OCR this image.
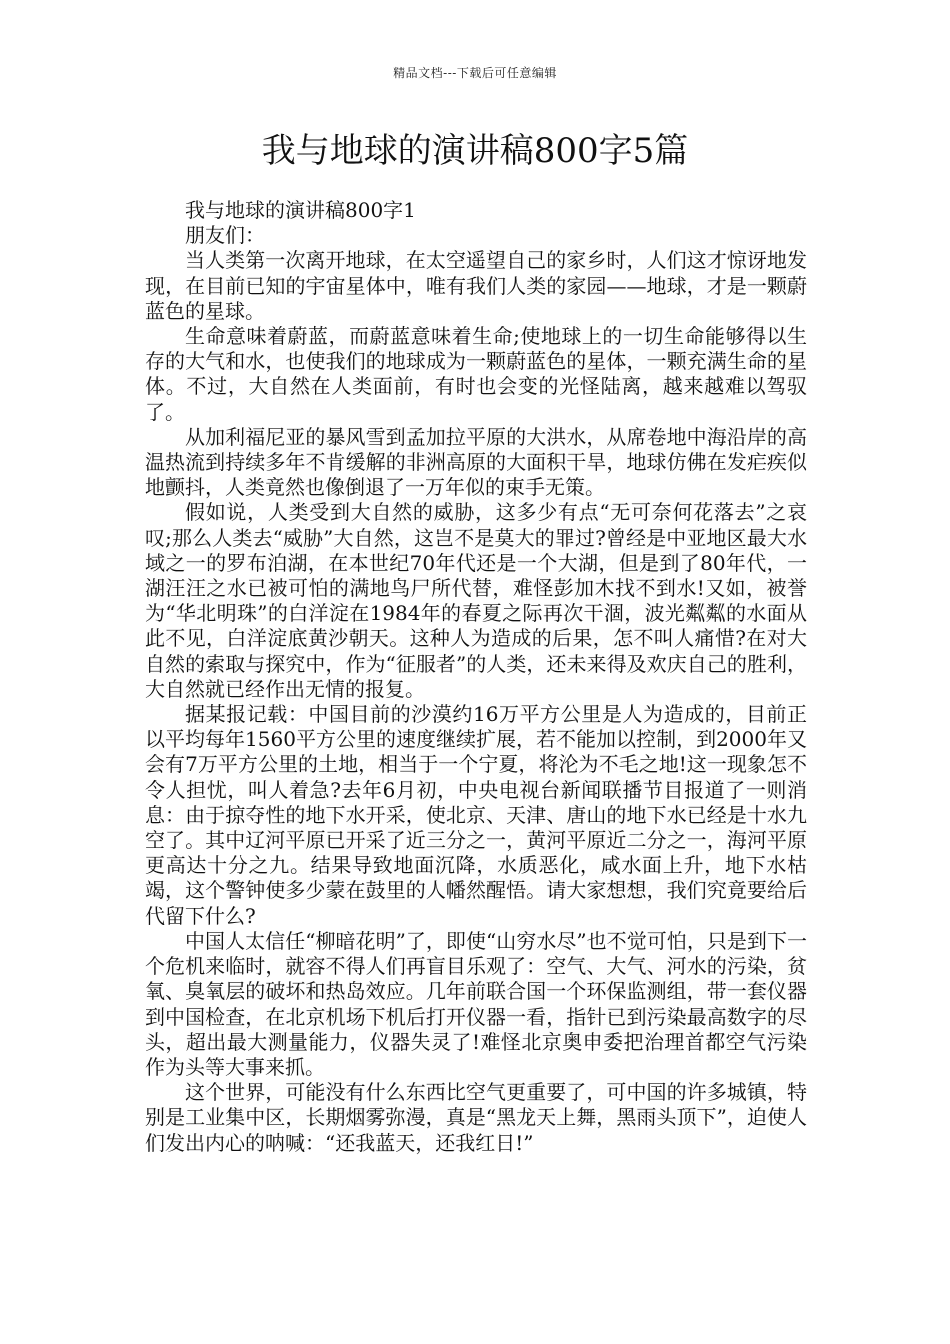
精品文档---下载后可任意编辑
我与地球的演讲稿800字5篇

我与地球的演讲稿800字1

朋友们：

当人类第一次离开地球，在太空遥望自己的家乡时，人们这才惊讶地发现，在目前已知的宇宙星体中，唯有我们人类的家园——地球，才是一颗蔚蓝色的星球。

生命意味着蔚蓝，而蔚蓝意味着生命;使地球上的一切生命能够得以生存的大气和水，也使我们的地球成为一颗蔚蓝色的星体，一颗充满生命的星体。不过，大自然在人类面前，有时也会变的光怪陆离，越来越难以驾驭了。

从加利福尼亚的暴风雪到孟加拉平原的大洪水，从席卷地中海沿岸的高温热流到持续多年不肯缓解的非洲高原的大面积干旱，地球仿佛在发疟疾似地颤抖，人类竟然也像倒退了一万年似的束手无策。

假如说，人类受到大自然的威胁，这多少有点“无可奈何花落去”之哀叹;那么人类去“威胁”大自然，这岂不是莫大的罪过?曾经是中亚地区最大水域之一的罗布泊湖，在本世纪70年代还是一个大湖，但是到了80年代，一湖汪汪之水已被可怕的满地鸟尸所代替，难怪彭加木找不到水!又如，被誉为“华北明珠”的白洋淀在1984年的春夏之际再次干涸，波光粼粼的水面从此不见，白洋淀底黄沙朝天。这种人为造成的后果，怎不叫人痛惜?在对大自然的索取与探究中，作为“征服者”的人类，还未来得及欢庆自己的胜利，大自然就已经作出无情的报复。

据某报记载：中国目前的沙漠约16万平方公里是人为造成的，目前正以平均每年1560平方公里的速度继续扩展，若不能加以控制，到2000年又会有7万平方公里的土地，相当于一个宁夏，将沦为不毛之地!这一现象怎不令人担忧，叫人着急?去年6月初，中央电视台新闻联播节目报道了一则消息：由于掠夺性的地下水开采，使北京、天津、唐山的地下水已经是十水九空了。其中辽河平原已开采了近三分之一，黄河平原近二分之一，海河平原更高达十分之九。结果导致地面沉降，水质恶化，咸水面上升，地下水枯竭，这个警钟使多少蒙在鼓里的人幡然醒悟。请大家想想，我们究竟要给后代留下什么?

中国人太信任“柳暗花明”了，即使“山穷水尽”也不觉可怕，只是到下一个危机来临时，就容不得人们再盲目乐观了：空气、大气、河水的污染，贫氧、臭氧层的破坏和热岛效应。几年前联合国一个环保监测组，带一套仪器到中国检查，在北京机场下机后打开仪器一看，指针已到污染最高数字的尽头，超出最大测量能力，仪器失灵了!难怪北京奥申委把治理首都空气污染作为头等大事来抓。

这个世界，可能没有什么东西比空气更重要了，可中国的许多城镇，特别是工业集中区，长期烟雾弥漫，真是“黑龙天上舞，黑雨头顶下”，迫使人们发出内心的呐喊：“还我蓝天，还我红日!”
